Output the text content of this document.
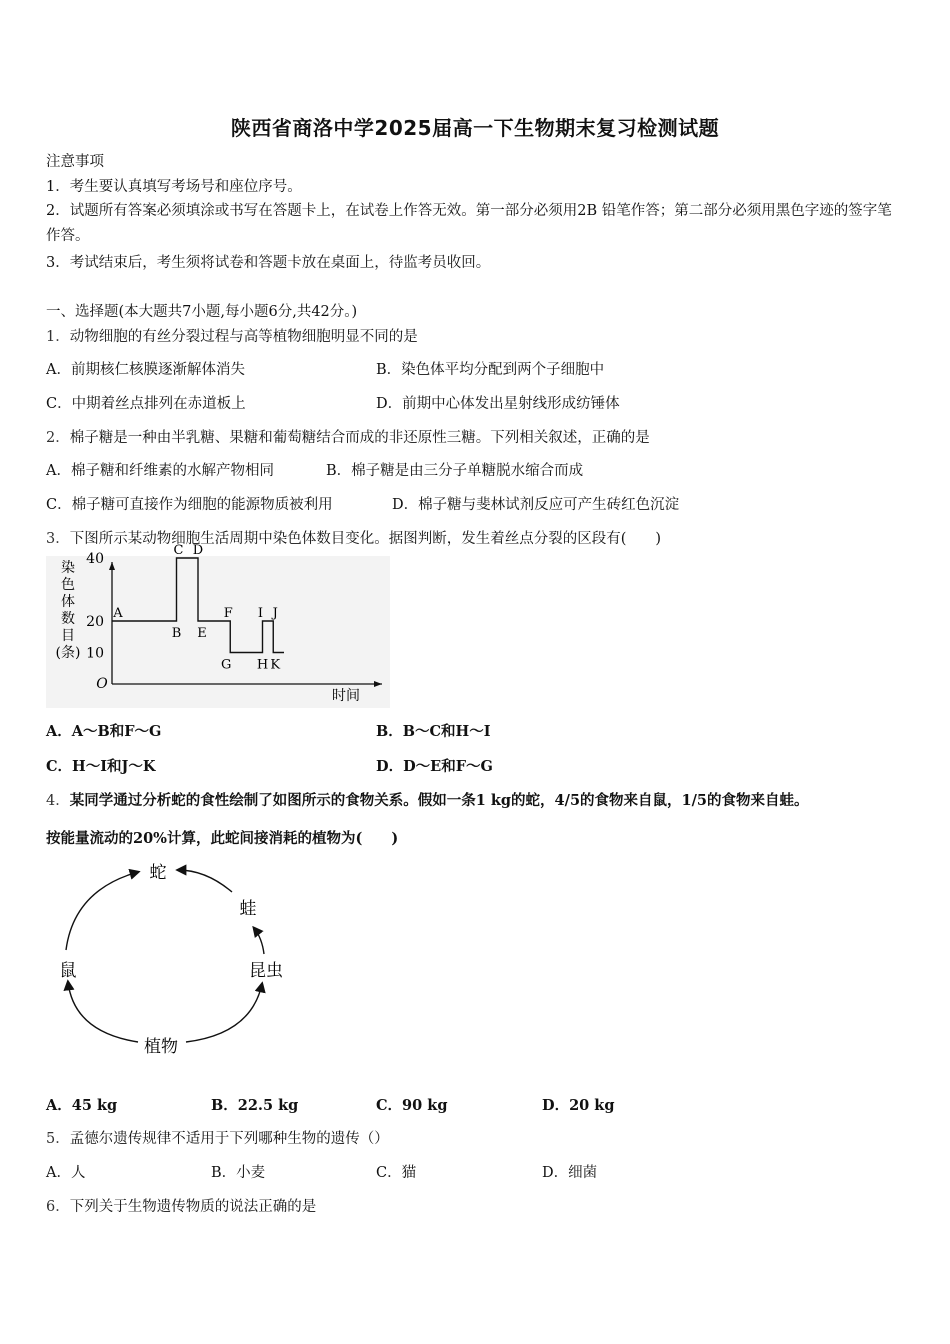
陕西省商洛中学2025届高一下生物期末复习检测试题
注意事项
1．考生要认真填写考场号和座位序号。
2．试题所有答案必须填涂或书写在答题卡上，在试卷上作答无效。第一部分必须用2B 铅笔作答；第二部分必须用黑色字迹的签字笔作答。
3．考试结束后，考生须将试卷和答题卡放在桌面上，待监考员收回。
一、选择题(本大题共7小题,每小题6分,共42分。)
1．动物细胞的有丝分裂过程与高等植物细胞明显不同的是
A．前期核仁核膜逐渐解体消失	B．染色体平均分配到两个子细胞中
C．中期着丝点排列在赤道板上	D．前期中心体发出星射线形成纺锤体
2．棉子糖是一种由半乳糖、果糖和葡萄糖结合而成的非还原性三糖。下列相关叙述，正确的是
A．棉子糖和纤维素的水解产物相同	B．棉子糖是由三分子单糖脱水缩合而成
C．棉子糖可直接作为细胞的能源物质被利用	D．棉子糖与斐林试剂反应可产生砖红色沉淀
3．下图所示某动物细胞生活周期中染色体数目变化。据图判断，发生着丝点分裂的区段有(　　)
染
色
体
数
目
(条) 10
20
40
A
B
C D
E
F
G H
I J
K
时间
O
A．A～B和F～G	B．B～C和H～I
C．H～I和J～K	D．D～E和F～G
4．某同学通过分析蛇的食性绘制了如图所示的食物关系。假如一条1 kg的蛇，4/5的食物来自鼠，1/5的食物来自蛙。
按能量流动的20%计算，此蛇间接消耗的植物为(　　)
蛇
蛙
鼠	昆虫
植物
A．45 kg	B．22.5 kg	C．90 kg	D．20 kg
5．孟德尔遗传规律不适用于下列哪种生物的遗传（）
A．人	B．小麦	C．猫	D．细菌
6．下列关于生物遗传物质的说法正确的是
